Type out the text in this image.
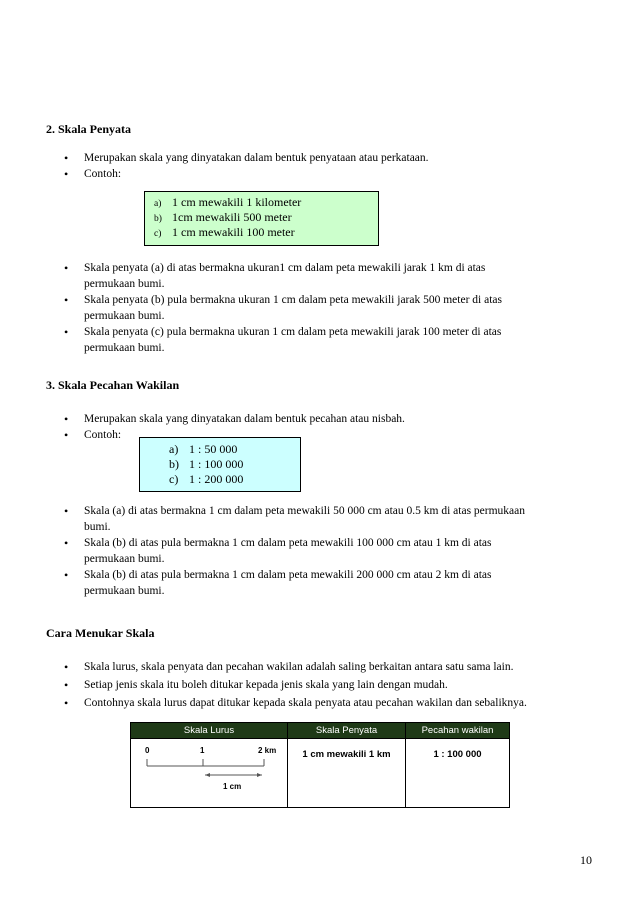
2. Skala Penyata
•	Merupakan skala yang dinyatakan dalam bentuk penyataan atau perkataan.
•	Contoh:
a) 1 cm mewakili 1 kilometer
b) 1cm mewakili 500 meter
c) 1 cm mewakili 100 meter
•	Skala penyata (a) di atas bermakna ukuran1 cm dalam peta mewakili jarak 1 km di atas
permukaan bumi.
•	Skala penyata (b) pula bermakna ukuran 1 cm dalam peta mewakili jarak 500 meter di atas
permukaan bumi.
•	Skala penyata (c) pula bermakna ukuran 1 cm dalam peta mewakili jarak 100 meter di atas
permukaan bumi.
3. Skala Pecahan Wakilan
•	Merupakan skala yang dinyatakan dalam bentuk pecahan atau nisbah.
•	Contoh:
a) 1 : 50 000
b) 1 : 100 000
c) 1 : 200 000
•	Skala (a) di atas bermakna 1 cm dalam peta mewakili 50 000 cm atau 0.5 km di atas permukaan
bumi.
•	Skala (b) di atas pula bermakna 1 cm dalam peta mewakili 100 000 cm atau 1 km di atas
permukaan bumi.
•	Skala (b) di atas pula bermakna 1 cm dalam peta mewakili 200 000 cm atau 2 km di atas
permukaan bumi.
Cara Menukar Skala
•	Skala lurus, skala penyata dan pecahan wakilan adalah saling berkaitan antara satu sama lain.
•	Setiap jenis skala itu boleh ditukar kepada jenis skala yang lain dengan mudah.
•	Contohnya skala lurus dapat ditukar kepada skala penyata atau pecahan wakilan dan sebaliknya.
Skala Lurus	Skala Penyata	Pecahan wakilan

0 1 2 km
1 cm	1 cm mewakili 1 km	1 : 100 000
10
